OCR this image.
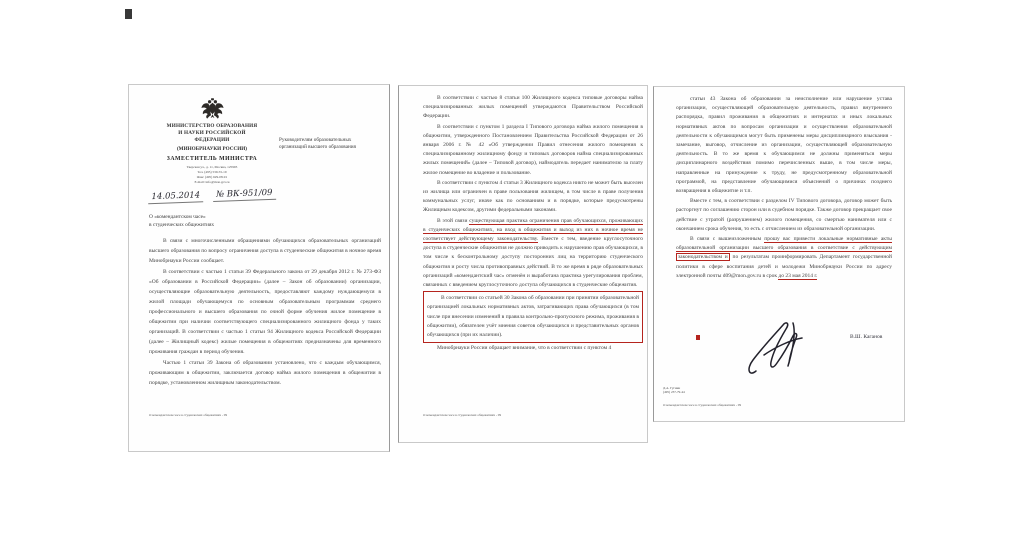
МИНИСТЕРСТВО ОБРАЗОВАНИЯ
И НАУКИ РОССИЙСКОЙ
ФЕДЕРАЦИИ
(МИНОБРНАУКИ РОССИИ)
ЗАМЕСТИТЕЛЬ МИНИСТРА
Тверская ул., д. 11, Москва, 125993
Тел. (495) 539-55-19
Факс (495) 629-08-91
E-mail: info@mon.gov.ru
14.05.2014	№ ВК-951/09
Руководителям образовательных
организаций высшего образования
О «комендантском часе»
в студенческих общежитиях

В связи с многочисленными обращениями обучающихся образовательных организаций высшего образования по вопросу ограничения доступа в студенческие общежития в ночное время Минобрнауки России сообщает.

В соответствии с частью 1 статьи 39 Федерального закона от 29 декабря 2012 г. № 273-ФЗ «Об образовании в Российской Федерации» (далее – Закон об образовании) организации, осуществляющие образовательную деятельность, предоставляют каждому нуждающемуся в жилой площади обучающемуся по основным образовательным программам среднего профессионального и высшего образования по очной форме обучения жилое помещение в общежитии при наличии соответствующего специализированного жилищного фонда у таких организаций. В соответствии с частью 1 статьи 94 Жилищного кодекса Российской Федерации (далее – Жилищный кодекс) жилые помещения в общежитиях предназначены для временного проживания граждан в период обучения.

Частью 1 статьи 39 Закона об образовании установлено, что с каждым обучающимся, проживающим в общежитии, заключается договор найма жилого помещения в общежитии в порядке, установленном жилищным законодательством.

О комендантском часе в студенческих общежитиях - 09

В соответствии с частью 8 статьи 100 Жилищного кодекса типовые договоры найма специализированных жилых помещений утверждаются Правительством Российской Федерации.

В соответствии с пунктом 1 раздела I Типового договора найма жилого помещения в общежитии, утвержденного Постановлением Правительства Российской Федерации от 26 января 2006 г. № 42 «Об утверждении Правил отнесения жилого помещения к специализированному жилищному фонду и типовых договоров найма специализированных жилых помещений» (далее – Типовой договор), наймодатель передает нанимателю за плату жилое помещение во владение и пользование.

В соответствии с пунктом 4 статьи 3 Жилищного кодекса никто не может быть выселен из жилища или ограничен в праве пользования жилищем, в том числе в праве получения коммунальных услуг, иначе как по основаниям и в порядке, которые предусмотрены Жилищным кодексом, другими федеральными законами.

В этой связи существующая практика ограничения прав обучающихся, проживающих в студенческих общежитиях, на вход в общежития и выход из них в ночное время не соответствует действующему законодательству. Вместе с тем, введение круглосуточного доступа в студенческие общежития не должно приводить к нарушению прав обучающихся, в том числе к бесконтрольному доступу посторонних лиц на территорию студенческого общежития и росту числа противоправных действий. В то же время в ряде образовательных организаций «комендантский час» отменён и выработана практика урегулирования проблем, связанных с введением круглосуточного доступа обучающихся в студенческие общежития.

В соответствии со статьей 30 Закона об образовании при принятии образовательной организацией локальных нормативных актов, затрагивающих права обучающихся (в том числе при внесении изменений в правила контрольно-пропускного режима, проживания в общежитии), обязателен учёт мнения советов обучающихся и представительных органов обучающихся (при их наличии).

Минобрнауки России обращает внимание, что в соответствии с пунктом 4

О комендантском часе в студенческих общежитиях - 09

статьи 43 Закона об образовании за неисполнение или нарушение устава организации, осуществляющей образовательную деятельность, правил внутреннего распорядка, правил проживания в общежитиях и интернатах и иных локальных нормативных актов по вопросам организации и осуществления образовательной деятельности к обучающимся могут быть применены меры дисциплинарного взыскания - замечание, выговор, отчисление из организации, осуществляющей образовательную деятельность. В то же время к обучающимся не должны применяться меры дисциплинарного воздействия помимо перечисленных выше, в том числе меры, направленные на принуждение к труду, не предусмотренному образовательной программой, на представление обучающимися объяснений о причинах позднего возвращения в общежитие и т.п.

Вместе с тем, в соответствии с разделом IV Типового договора, договор может быть расторгнут по соглашению сторон или в судебном порядке. Также договор прекращает свое действие с утратой (разрушением) жилого помещения, со смертью нанимателя или с окончанием срока обучения, то есть с отчислением из образовательной организации.

В связи с вышеизложенным прошу вас привести локальные нормативные акты образовательной организации высшего образования в соответствие с действующим законодательством и по результатам проинформировать Департамент государственной политики в сфере воспитания детей и молодежи Минобрнауки России по адресу электронной почты d09@mon.gov.ru в срок до 23 мая 2014 г.

В.Ш. Каганов
Д.А. Гугнин
(495) 237-79-44
О комендантском часе в студенческих общежитиях - 09
